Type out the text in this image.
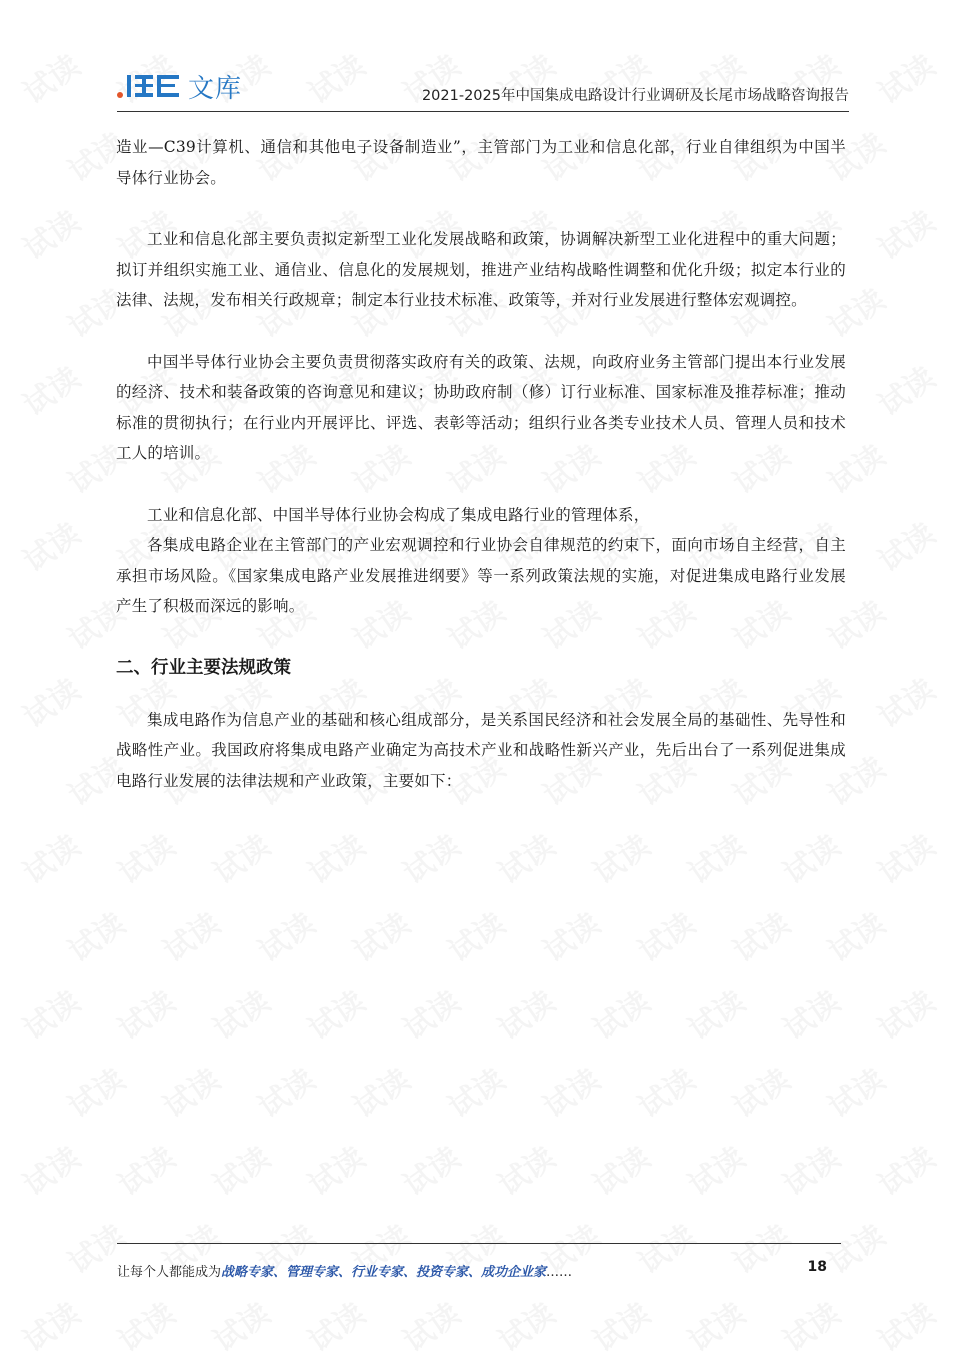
文库	2021-2025年中国集成电路设计行业调研及长尾市场战略咨询报告

造业—C39计算机、通信和其他电子设备制造业”，主管部门为工业和信息化部，行业自律组织为中国半导体行业协会。

工业和信息化部主要负责拟定新型工业化发展战略和政策，协调解决新型工业化进程中的重大问题；拟订并组织实施工业、通信业、信息化的发展规划，推进产业结构战略性调整和优化升级；拟定本行业的法律、法规，发布相关行政规章；制定本行业技术标准、政策等，并对行业发展进行整体宏观调控。

中国半导体行业协会主要负责贯彻落实政府有关的政策、法规，向政府业务主管部门提出本行业发展的经济、技术和装备政策的咨询意见和建议；协助政府制（修）订行业标准、国家标准及推荐标准；推动标准的贯彻执行；在行业内开展评比、评选、表彰等活动；组织行业各类专业技术人员、管理人员和技术工人的培训。

工业和信息化部、中国半导体行业协会构成了集成电路行业的管理体系，

各集成电路企业在主管部门的产业宏观调控和行业协会自律规范的约束下，面向市场自主经营，自主承担市场风险。《国家集成电路产业发展推进纲要》等一系列政策法规的实施，对促进集成电路行业发展产生了积极而深远的影响。

二、行业主要法规政策

集成电路作为信息产业的基础和核心组成部分，是关系国民经济和社会发展全局的基础性、先导性和战略性产业。我国政府将集成电路产业确定为高技术产业和战略性新兴产业，先后出台了一系列促进集成电路行业发展的法律法规和产业政策，主要如下：

让每个人都能成为战略专家、管理专家、行业专家、投资专家、成功企业家……	18
